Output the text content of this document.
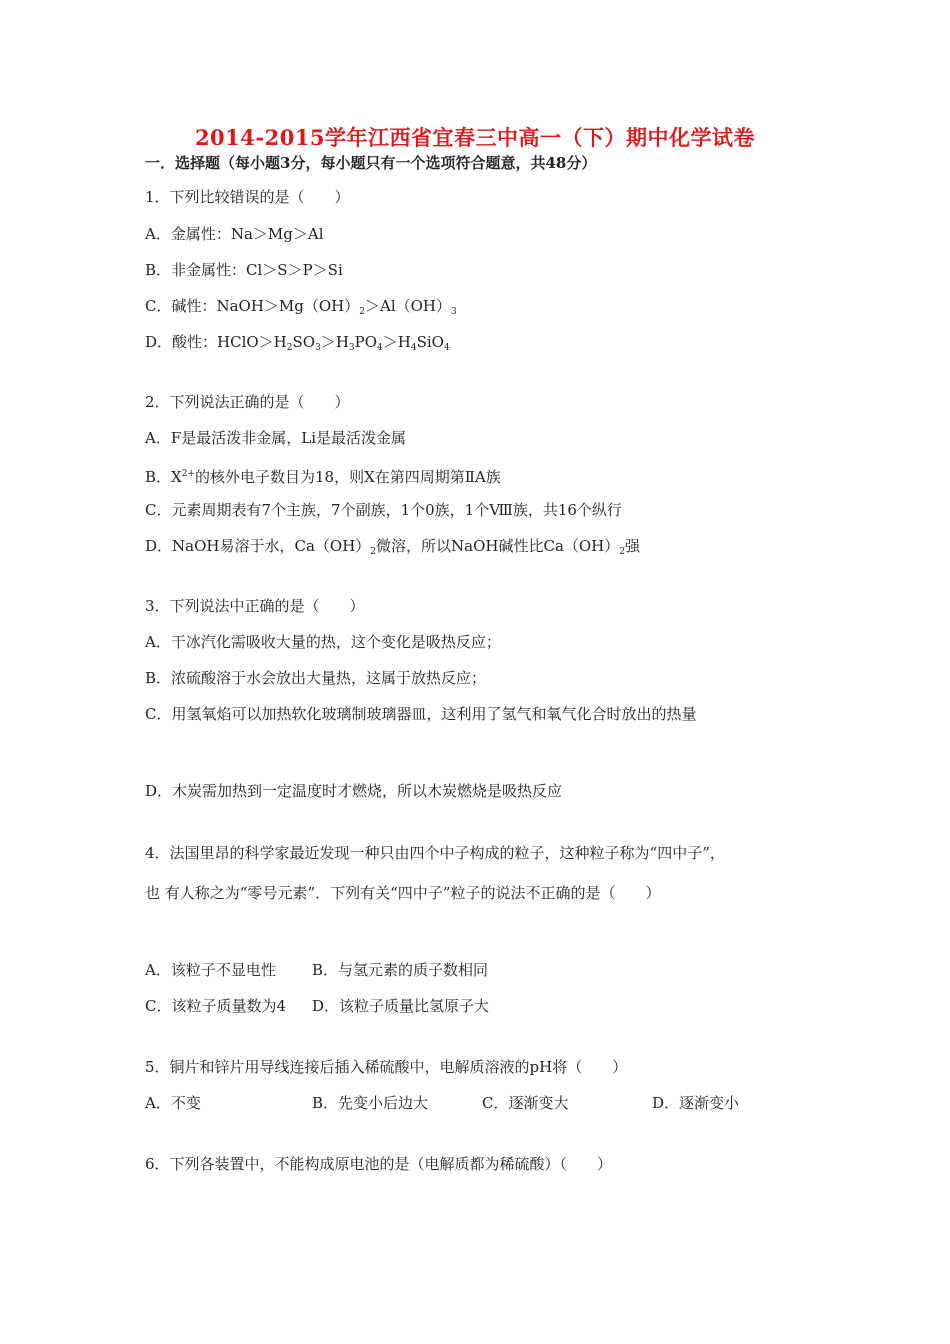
2014-2015学年江西省宜春三中高一（下）期中化学试卷
一．选择题（每小题3分，每小题只有一个选项符合题意，共48分）
1．下列比较错误的是（　　）
A．金属性：Na＞Mg＞Al
B．非金属性：Cl＞S＞P＞Si
C．碱性：$NaOH>Mg(OH)_2>Al(OH)_3$
D．酸性：$HClO>H_2SO_3>H_3PO_4>H_4SiO_4$
2．下列说法正确的是（　　）
A．F是最活泼非金属，Li是最活泼金属
B．$X^{2+}$的核外电子数目为18，则X在第四周期第ⅡA族
C．元素周期表有7个主族，7个副族，1个0族，1个Ⅷ族，共16个纵行
D．NaOH易溶于水，$Ca(OH)_2$微溶，所以NaOH碱性比$Ca(OH)_2$强
3．下列说法中正确的是（　　）
A．干冰汽化需吸收大量的热，这个变化是吸热反应；
B．浓硫酸溶于水会放出大量热，这属于放热反应；
C．用氢氧焰可以加热软化玻璃制玻璃器皿，这利用了氢气和氧气化合时放出的热量
D．木炭需加热到一定温度时才燃烧，所以木炭燃烧是吸热反应
4．法国里昂的科学家最近发现一种只由四个中子构成的粒子，这种粒子称为“四中子”，
也 有人称之为“零号元素”．下列有关“四中子”粒子的说法不正确的是（　　）
A．该粒子不显电性 B．与氢元素的质子数相同
C．该粒子质量数为4 D．该粒子质量比氢原子大
5．铜片和锌片用导线连接后插入稀硫酸中，电解质溶液的pH将（　　）
A．不变	B．先变小后边大	C．逐渐变大	D．逐渐变小
6．下列各装置中，不能构成原电池的是（电解质都为稀硫酸）（　　）
